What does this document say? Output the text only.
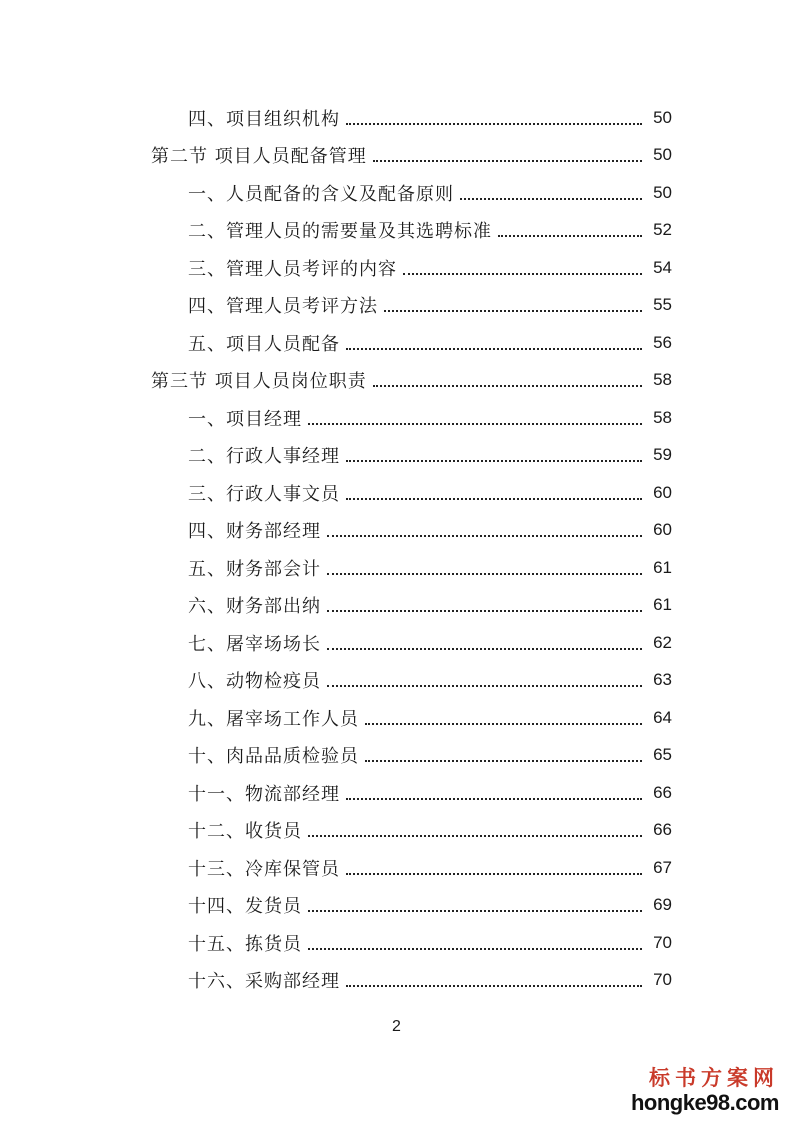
四、项目组织机构	50
第二节 项目人员配备管理	50
一、人员配备的含义及配备原则	50
二、管理人员的需要量及其选聘标准	52
三、管理人员考评的内容	54
四、管理人员考评方法	55
五、项目人员配备	56
第三节 项目人员岗位职责	58
一、项目经理	58
二、行政人事经理	59
三、行政人事文员	60
四、财务部经理	60
五、财务部会计	61
六、财务部出纳	61
七、屠宰场场长	62
八、动物检疫员	63
九、屠宰场工作人员	64
十、肉品品质检验员	65
十一、物流部经理	66
十二、收货员	66
十三、冷库保管员	67
十四、发货员	69
十五、拣货员	70
十六、采购部经理	70
2
标书方案网
hongke98.com
